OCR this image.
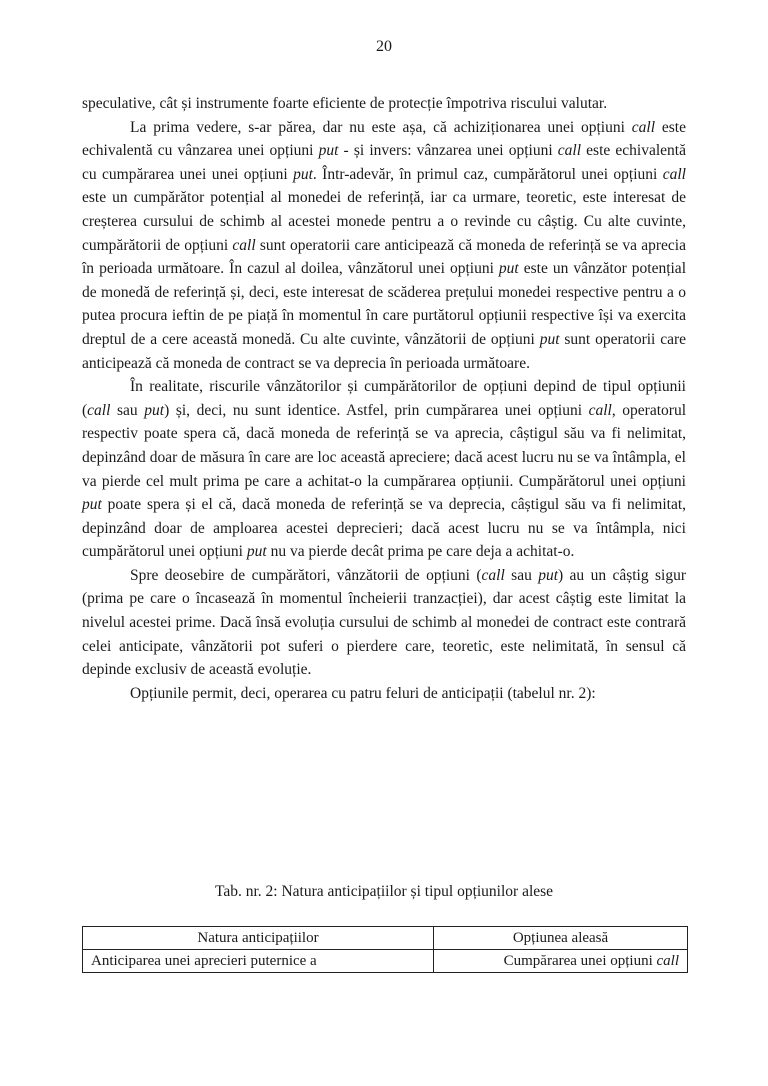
20

speculative, cât și instrumente foarte eficiente de protecție împotriva riscului valutar.

La prima vedere, s-ar părea, dar nu este așa, că achiziționarea unei opțiuni call este echivalentă cu vânzarea unei opțiuni put - și invers: vânzarea unei opțiuni call este echivalentă cu cumpărarea unei unei opțiuni put. Într-adevăr, în primul caz, cumpărătorul unei opțiuni call este un cumpărător potențial al monedei de referință, iar ca urmare, teoretic, este interesat de creșterea cursului de schimb al acestei monede pentru a o revinde cu câștig. Cu alte cuvinte, cumpărătorii de opțiuni call sunt operatorii care anticipează că moneda de referință se va aprecia în perioada următoare. În cazul al doilea, vânzătorul unei opțiuni put este un vânzător potențial de monedă de referință și, deci, este interesat de scăderea prețului monedei respective pentru a o putea procura ieftin de pe piață în momentul în care purtătorul opțiunii respective își va exercita dreptul de a cere această monedă. Cu alte cuvinte, vânzătorii de opțiuni put sunt operatorii care anticipează că moneda de contract se va deprecia în perioada următoare.

În realitate, riscurile vânzătorilor și cumpărătorilor de opțiuni depind de tipul opțiunii (call sau put) și, deci, nu sunt identice. Astfel, prin cumpărarea unei opțiuni call, operatorul respectiv poate spera că, dacă moneda de referință se va aprecia, câștigul său va fi nelimitat, depinzând doar de măsura în care are loc această apreciere; dacă acest lucru nu se va întâmpla, el va pierde cel mult prima pe care a achitat-o la cumpărarea opțiunii. Cumpărătorul unei opțiuni put poate spera și el că, dacă moneda de referință se va deprecia, câștigul său va fi nelimitat, depinzând doar de amploarea acestei deprecieri; dacă acest lucru nu se va întâmpla, nici cumpărătorul unei opțiuni put nu va pierde decât prima pe care deja a achitat-o.

Spre deosebire de cumpărători, vânzătorii de opțiuni (call sau put) au un câștig sigur (prima pe care o încasează în momentul încheierii tranzacției), dar acest câștig este limitat la nivelul acestei prime. Dacă însă evoluția cursului de schimb al monedei de contract este contrară celei anticipate, vânzătorii pot suferi o pierdere care, teoretic, este nelimitată, în sensul că depinde exclusiv de această evoluție.

Opțiunile permit, deci, operarea cu patru feluri de anticipații (tabelul nr. 2):

Tab. nr. 2: Natura anticipațiilor și tipul opțiunilor alese
Natura anticipațiilor	Opțiunea aleasă
Anticiparea unei aprecieri puternice a	Cumpărarea unei opțiuni call
